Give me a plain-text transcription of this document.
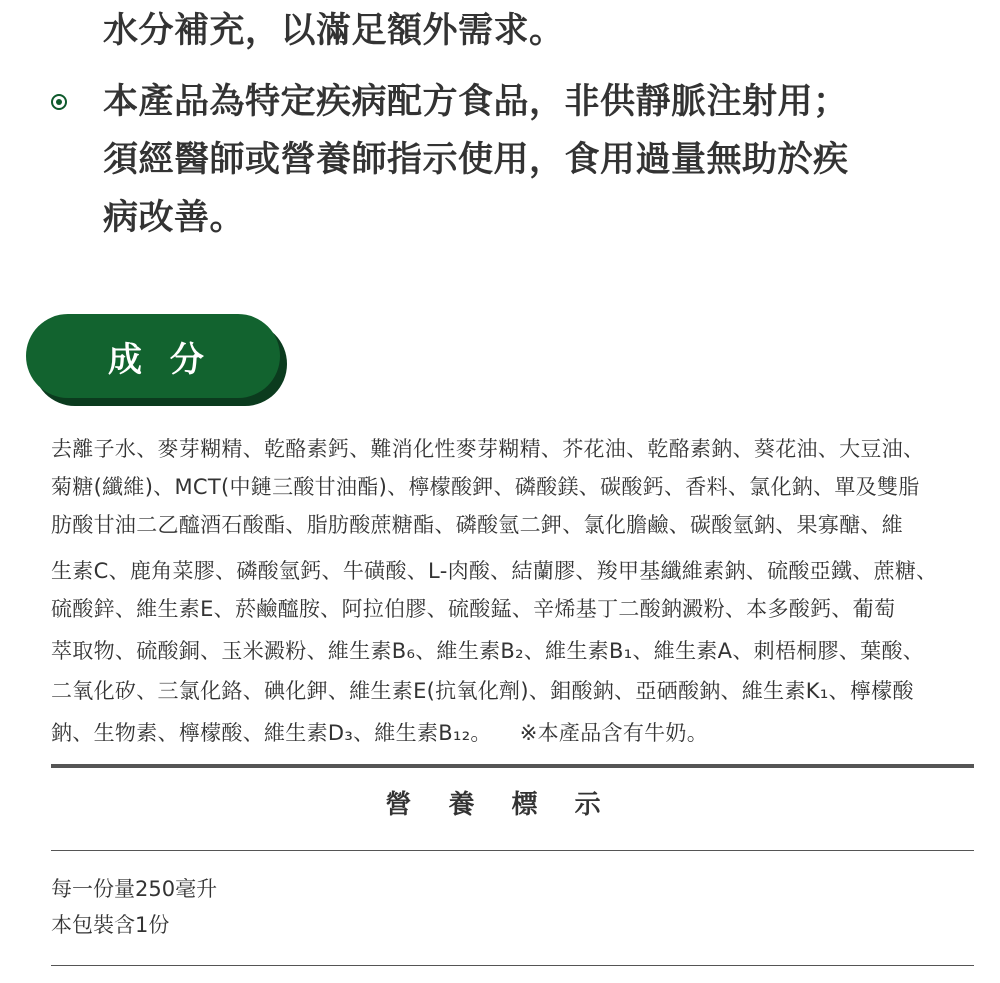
水分補充，以滿足額外需求。
本產品為特定疾病配方食品，非供靜脈注射用；
須經醫師或營養師指示使用，食用過量無助於疾
病改善。
成 分
去離子水、麥芽糊精、乾酪素鈣、難消化性麥芽糊精、芥花油、乾酪素鈉、葵花油、大豆油、
菊糖(纖維)、MCT(中鏈三酸甘油酯)、檸檬酸鉀、磷酸鎂、碳酸鈣、香料、氯化鈉、單及雙脂
肪酸甘油二乙醯酒石酸酯、脂肪酸蔗糖酯、磷酸氫二鉀、氯化膽鹼、碳酸氫鈉、果寡醣、維
生素C、鹿角菜膠、磷酸氫鈣、牛磺酸、L-肉酸、結蘭膠、羧甲基纖維素鈉、硫酸亞鐵、蔗糖、
硫酸鋅、維生素E、菸鹼醯胺、阿拉伯膠、硫酸錳、辛烯基丁二酸鈉澱粉、本多酸鈣、葡萄
萃取物、硫酸銅、玉米澱粉、維生素B₆、維生素B₂、維生素B₁、維生素A、刺梧桐膠、葉酸、
二氧化矽、三氯化鉻、碘化鉀、維生素E(抗氧化劑)、鉬酸鈉、亞硒酸鈉、維生素K₁、檸檬酸
鈉、生物素、檸檬酸、維生素D₃、維生素B₁₂。 ※本產品含有牛奶。
營 養 標 示
每一份量250毫升
本包裝含1份
